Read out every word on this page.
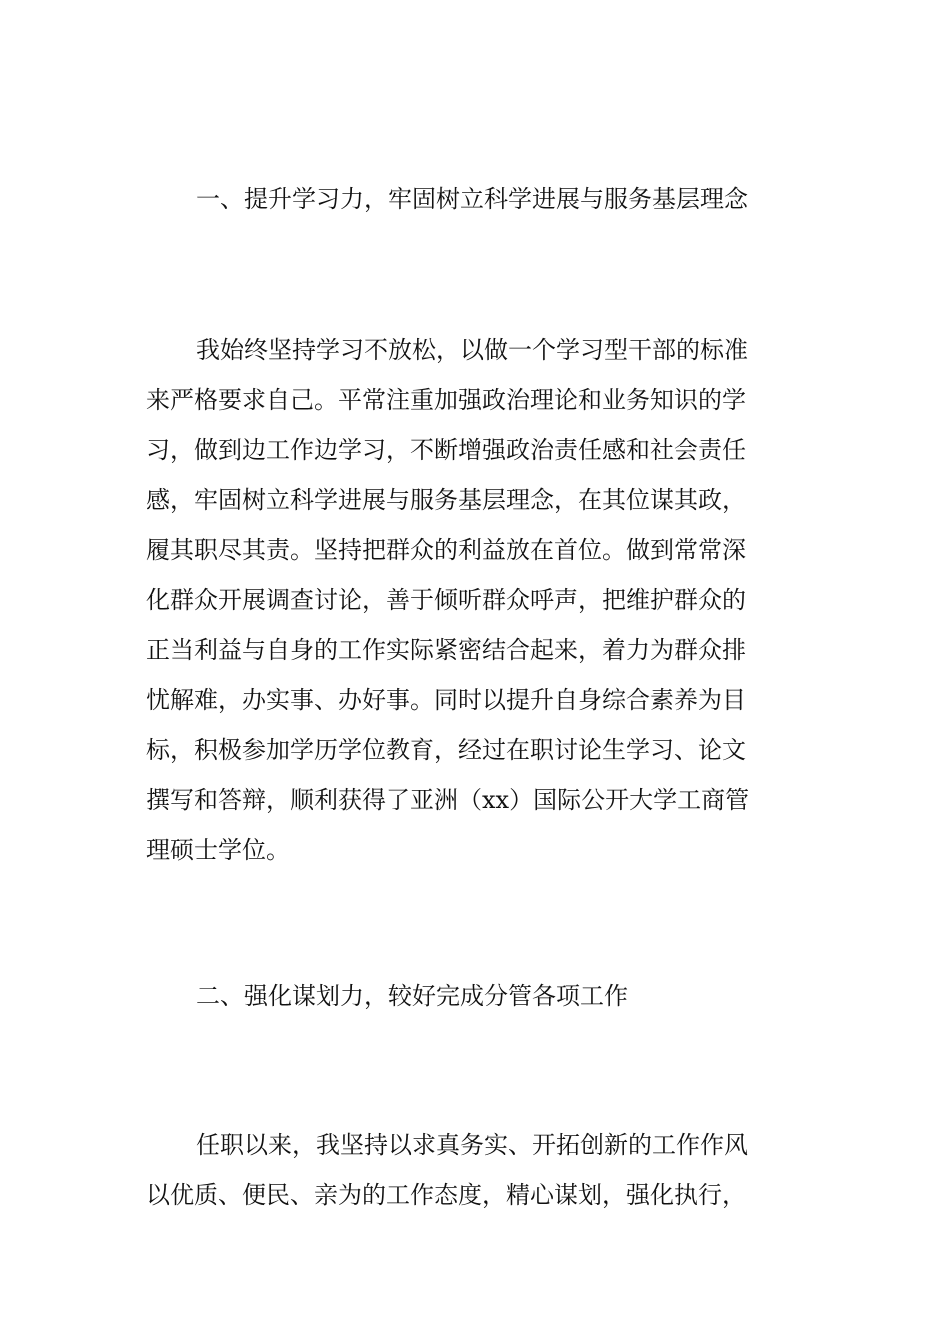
一、提升学习力，牢固树立科学进展与服务基层理念
我始终坚持学习不放松，以做一个学习型干部的标准
来严格要求自己。平常注重加强政治理论和业务知识的学
习，做到边工作边学习，不断增强政治责任感和社会责任
感，牢固树立科学进展与服务基层理念，在其位谋其政，
履其职尽其责。坚持把群众的利益放在首位。做到常常深
化群众开展调查讨论，善于倾听群众呼声，把维护群众的
正当利益与自身的工作实际紧密结合起来，着力为群众排
忧解难，办实事、办好事。同时以提升自身综合素养为目
标，积极参加学历学位教育，经过在职讨论生学习、论文
撰写和答辩，顺利获得了亚洲（xx）国际公开大学工商管
理硕士学位。
二、强化谋划力，较好完成分管各项工作
任职以来，我坚持以求真务实、开拓创新的工作作风
以优质、便民、亲为的工作态度，精心谋划，强化执行，
